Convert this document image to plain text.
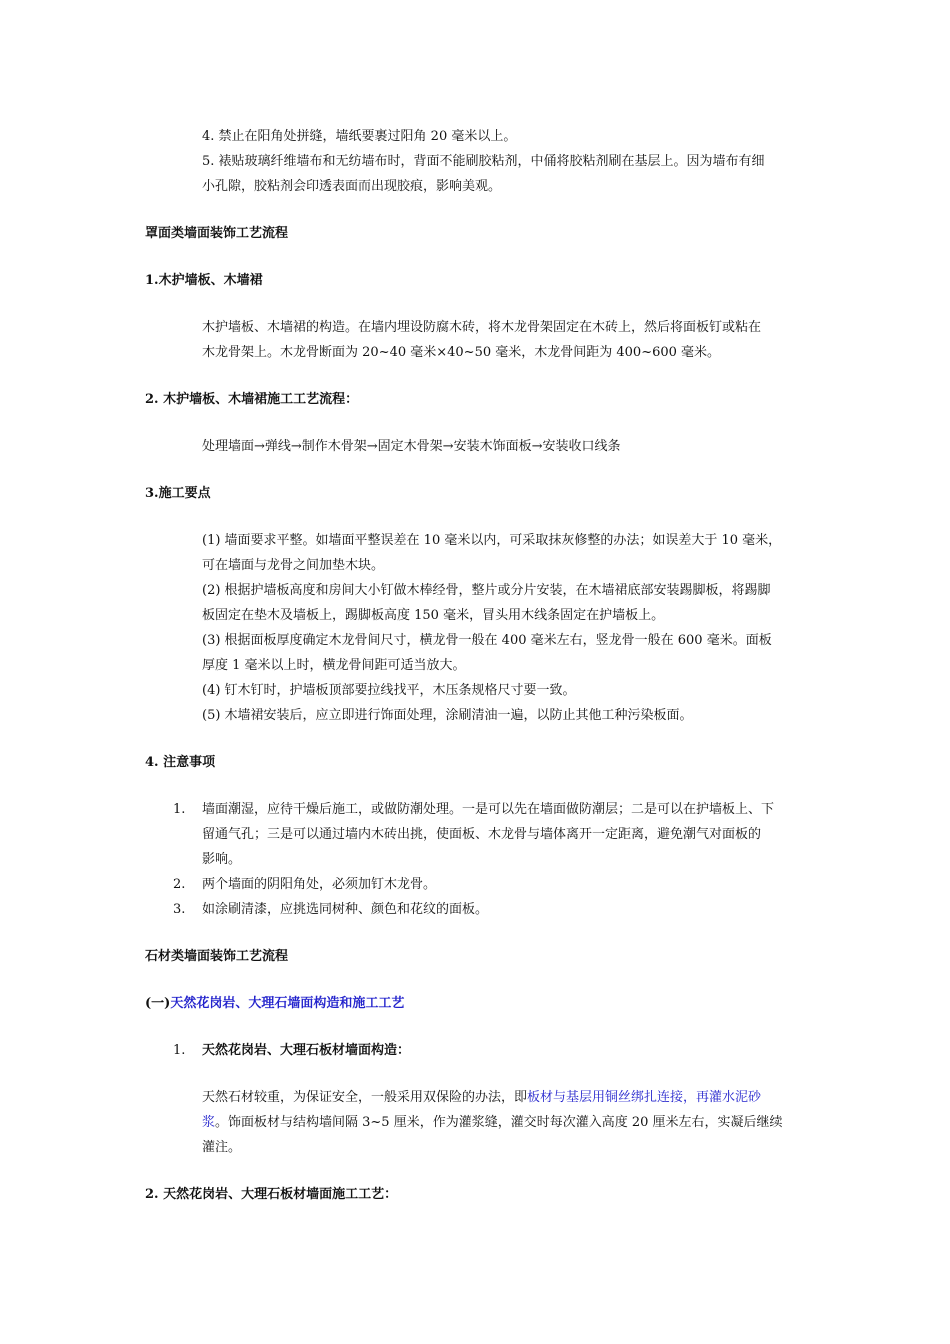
4. 禁止在阳角处拼缝，墙纸要裹过阳角 20 毫米以上。
5. 裱贴玻璃纤维墙布和无纺墙布时，背面不能刷胶粘剂，中俑将胶粘剂刷在基层上。因为墙布有细
小孔隙，胶粘剂会印透表面而出现胶痕，影响美观。
罩面类墙面装饰工艺流程
1.木护墙板、木墙裙
木护墙板、木墙裙的构造。在墙内埋设防腐木砖，将木龙骨架固定在木砖上，然后将面板钉或粘在
木龙骨架上。木龙骨断面为 20~40 毫米×40~50 毫米，木龙骨间距为 400~600 毫米。
2. 木护墙板、木墙裙施工工艺流程：
处理墙面→弹线→制作木骨架→固定木骨架→安装木饰面板→安装收口线条
3.施工要点
(1) 墙面要求平整。如墙面平整误差在 10 毫米以内，可采取抹灰修整的办法；如误差大于 10 毫米，
可在墙面与龙骨之间加垫木块。
(2) 根据护墙板高度和房间大小钉做木棒经骨，整片或分片安装，在木墙裙底部安装踢脚板，将踢脚
板固定在垫木及墙板上，踢脚板高度 150 毫米，冒头用木线条固定在护墙板上。
(3) 根据面板厚度确定木龙骨间尺寸，横龙骨一般在 400 毫米左右，竖龙骨一般在 600 毫米。面板
厚度 1 毫米以上时，横龙骨间距可适当放大。
(4) 钉木钉时，护墙板顶部要拉线找平，木压条规格尺寸要一致。
(5) 木墙裙安装后，应立即进行饰面处理，涂刷清油一遍，以防止其他工种污染板面。
4. 注意事项
1. 墙面潮湿，应待干燥后施工，或做防潮处理。一是可以先在墙面做防潮层；二是可以在护墙板上、下
留通气孔；三是可以通过墙内木砖出挑，使面板、木龙骨与墙体离开一定距离，避免潮气对面板的
影响。
2. 两个墙面的阴阳角处，必须加钉木龙骨。
3. 如涂刷清漆，应挑选同树种、颜色和花纹的面板。
石材类墙面装饰工艺流程
(一)天然花岗岩、大理石墙面构造和施工工艺
1. 天然花岗岩、大理石板材墙面构造：
天然石材较重，为保证安全，一般采用双保险的办法，即板材与基层用铜丝绑扎连接，再灌水泥砂
浆。饰面板材与结构墙间隔 3~5 厘米，作为灌浆缝，灌交时每次灌入高度 20 厘米左右，实凝后继续
灌注。
2. 天然花岗岩、大理石板材墙面施工工艺：
